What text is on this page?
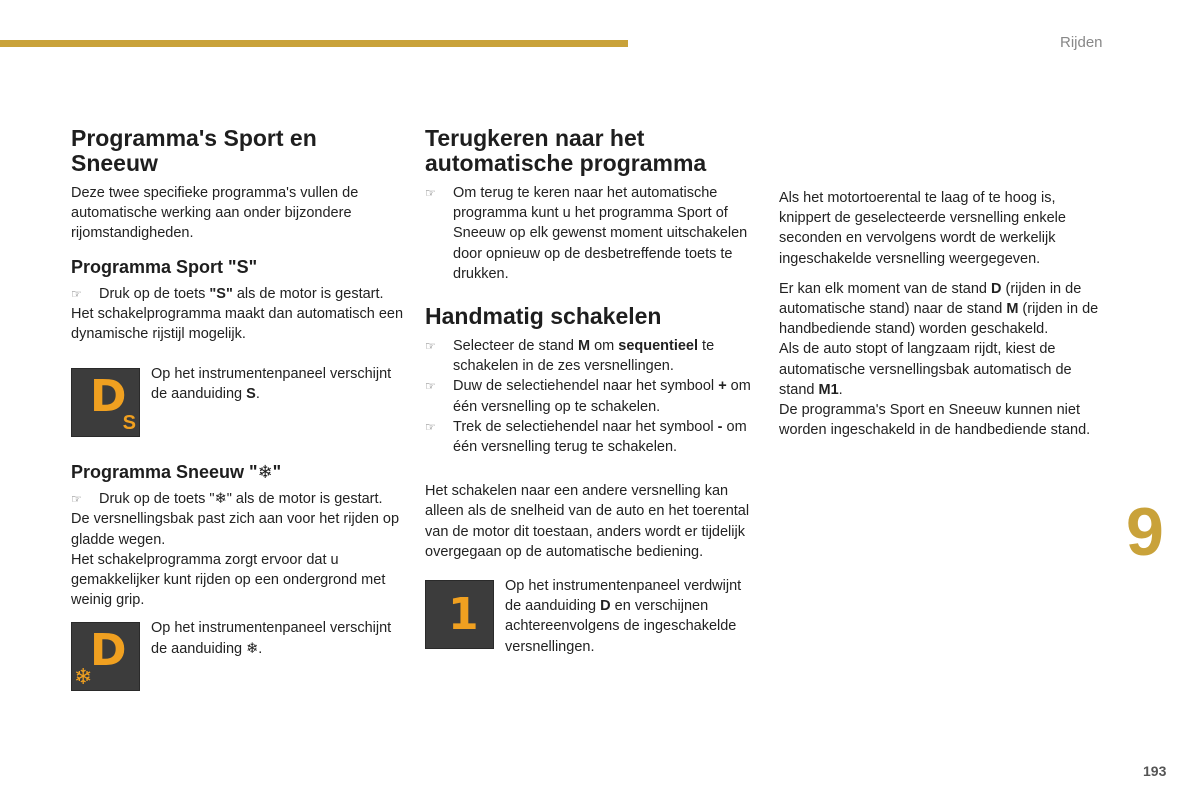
Rijden
9
193
Programma's Sport en Sneeuw

Deze twee specifieke programma's vullen de automatische werking aan onder bijzondere rijomstandigheden.

Programma Sport "S"
☞ Druk op de toets "S" als de motor is gestart.

Het schakelprogramma maakt dan automatisch een dynamische rijstijl mogelijk.

D
S
Op het instrumentenpaneel verschijnt de aanduiding S.
Programma Sneeuw "❄"
☞ Druk op de toets "❄" als de motor is gestart.

De versnellingsbak past zich aan voor het rijden op gladde wegen.

Het schakelprogramma zorgt ervoor dat u gemakkelijker kunt rijden op een ondergrond met weinig grip.

D
❄
Op het instrumentenpaneel verschijnt de aanduiding ❄.
Terugkeren naar het automatische programma
☞ Om terug te keren naar het automatische programma kunt u het programma Sport of Sneeuw op elk gewenst moment uitschakelen door opnieuw op de desbetreffende toets te drukken.
Handmatig schakelen
☞ Selecteer de stand M om sequentieel te schakelen in de zes versnellingen.
☞ Duw de selectiehendel naar het symbool + om één versnelling op te schakelen.
☞ Trek de selectiehendel naar het symbool - om één versnelling terug te schakelen.

Het schakelen naar een andere versnelling kan alleen als de snelheid van de auto en het toerental van de motor dit toestaan, anders wordt er tijdelijk overgegaan op de automatische bediening.

1
Op het instrumentenpaneel verdwijnt de aanduiding D en verschijnen achtereenvolgens de ingeschakelde versnellingen.

Als het motortoerental te laag of te hoog is, knippert de geselecteerde versnelling enkele seconden en vervolgens wordt de werkelijk ingeschakelde versnelling weergegeven.

Er kan elk moment van de stand D (rijden in de automatische stand) naar de stand M (rijden in de handbediende stand) worden geschakeld.

Als de auto stopt of langzaam rijdt, kiest de automatische versnellingsbak automatisch de stand M1.

De programma's Sport en Sneeuw kunnen niet worden ingeschakeld in de handbediende stand.
